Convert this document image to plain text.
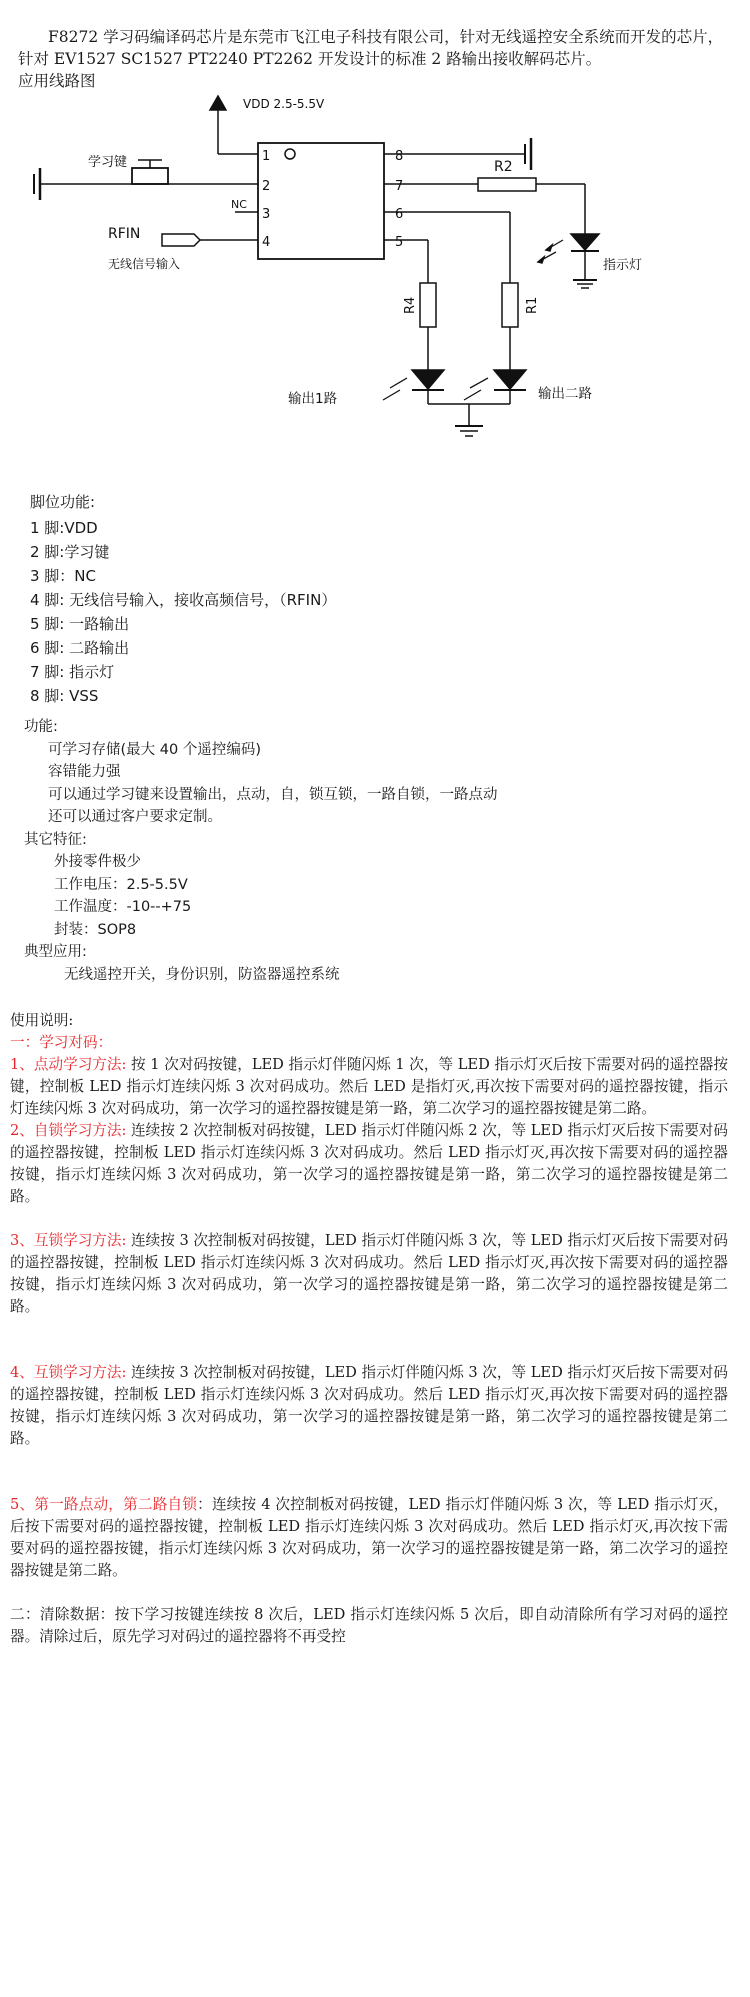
F8272 学习码编译码芯片是东莞市飞江电子科技有限公司，针对无线遥控安全系统而开发的芯片，

针对 EV1527 SC1527 PT2240 PT2262 开发设计的标准 2 路输出接收解码芯片。

应用线路图

1
2
3
4
8
7
6
5
VDD 2.5-5.5V
学习键
NC
RFIN
无线信号输入
R2
指示灯
R4	R1
输出1路	输出二路
脚位功能:
1 脚:VDD
2 脚:学习键
3 脚：NC
4 脚: 无线信号输入，接收高频信号，（RFIN）
5 脚: 一路输出
6 脚: 二路输出
7 脚: 指示灯
8 脚: VSS
功能:
可学习存储(最大 40 个遥控编码)
容错能力强
可以通过学习键来设置输出，点动，自，锁互锁，一路自锁，一路点动
还可以通过客户要求定制。
其它特征:
外接零件极少
工作电压：2.5-5.5V
工作温度：-10--+75
封装：SOP8
典型应用:
无线遥控开关，身份识别，防盗器遥控系统

使用说明:

一：学习对码：

1、点动学习方法: 按 1 次对码按键，LED 指示灯伴随闪烁 1 次，等 LED 指示灯灭后按下需要对码的遥控器按键，控制板 LED 指示灯连续闪烁 3 次对码成功。然后 LED 是指灯灭,再次按下需要对码的遥控器按键，指示灯连续闪烁 3 次对码成功，第一次学习的遥控器按键是第一路，第二次学习的遥控器按键是第二路。

2、自锁学习方法: 连续按 2 次控制板对码按键，LED 指示灯伴随闪烁 2 次，等 LED 指示灯灭后按下需要对码的遥控器按键，控制板 LED 指示灯连续闪烁 3 次对码成功。然后 LED 指示灯灭,再次按下需要对码的遥控器按键，指示灯连续闪烁 3 次对码成功，第一次学习的遥控器按键是第一路，第二次学习的遥控器按键是第二路。

3、互锁学习方法: 连续按 3 次控制板对码按键，LED 指示灯伴随闪烁 3 次，等 LED 指示灯灭后按下需要对码的遥控器按键，控制板 LED 指示灯连续闪烁 3 次对码成功。然后 LED 指示灯灭,再次按下需要对码的遥控器按键，指示灯连续闪烁 3 次对码成功，第一次学习的遥控器按键是第一路，第二次学习的遥控器按键是第二路。

4、互锁学习方法: 连续按 3 次控制板对码按键，LED 指示灯伴随闪烁 3 次，等 LED 指示灯灭后按下需要对码的遥控器按键，控制板 LED 指示灯连续闪烁 3 次对码成功。然后 LED 指示灯灭,再次按下需要对码的遥控器按键，指示灯连续闪烁 3 次对码成功，第一次学习的遥控器按键是第一路，第二次学习的遥控器按键是第二路。

5、第一路点动，第二路自锁：连续按 4 次控制板对码按键，LED 指示灯伴随闪烁 3 次，等 LED 指示灯灭，后按下需要对码的遥控器按键，控制板 LED 指示灯连续闪烁 3 次对码成功。然后 LED 指示灯灭,再次按下需要对码的遥控器按键，指示灯连续闪烁 3 次对码成功，第一次学习的遥控器按键是第一路，第二次学习的遥控器按键是第二路。

二：清除数据：按下学习按键连续按 8 次后，LED 指示灯连续闪烁 5 次后，即自动清除所有学习对码的遥控器。清除过后，原先学习对码过的遥控器将不再受控
